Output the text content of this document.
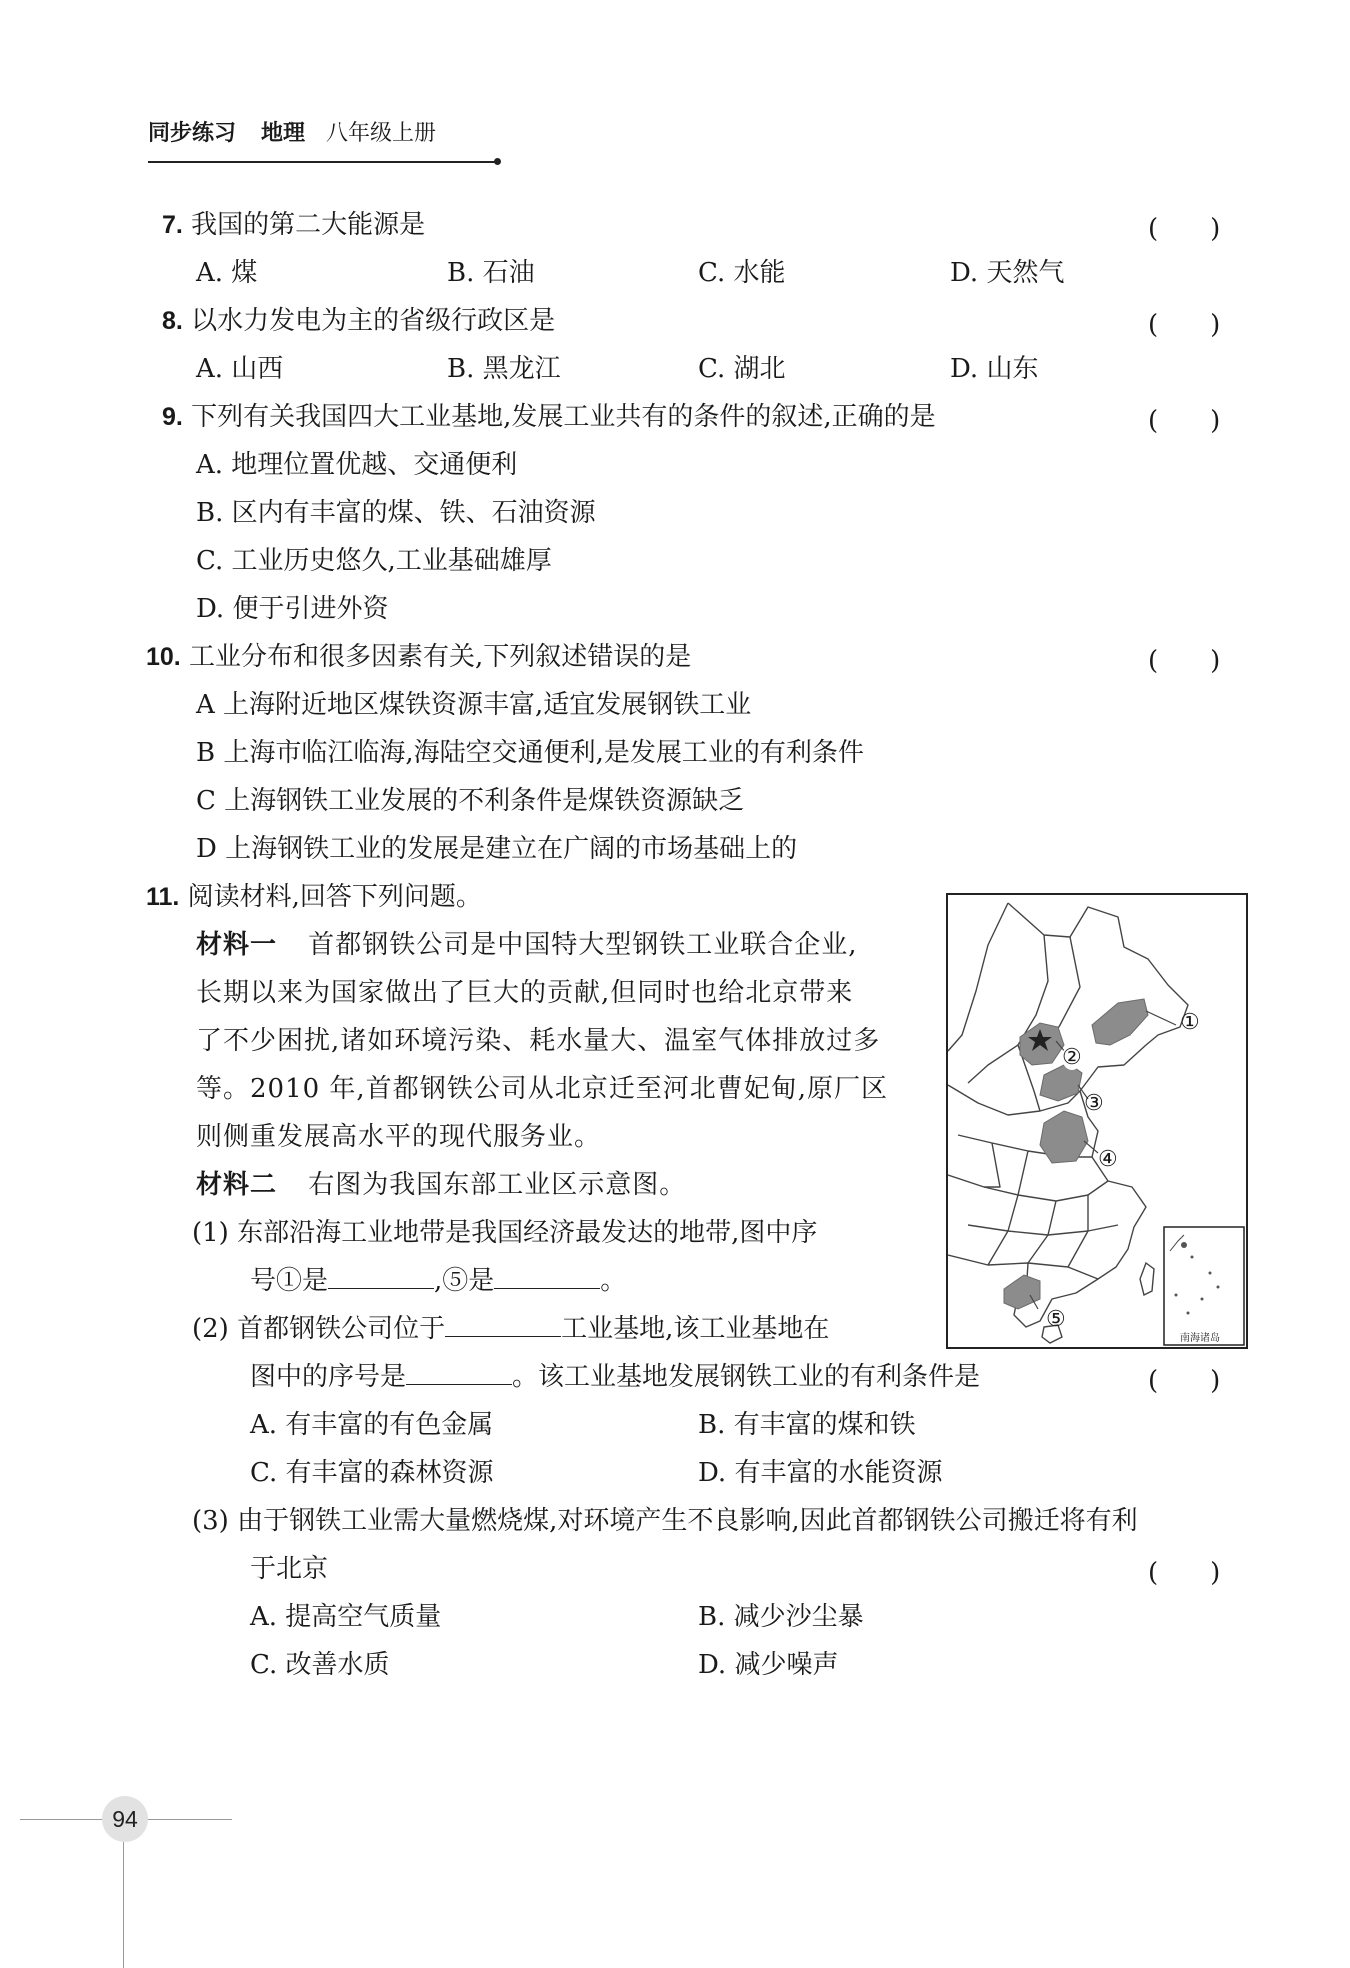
同步练习 地理 八年级上册
7. 我国的第二大能源是	(　　)
A. 煤	B. 石油	C. 水能	D. 天然气
8. 以水力发电为主的省级行政区是	(　　)
A. 山西	B. 黑龙江	C. 湖北	D. 山东
9. 下列有关我国四大工业基地,发展工业共有的条件的叙述,正确的是	(　　)
A. 地理位置优越、交通便利
B. 区内有丰富的煤、铁、石油资源
C. 工业历史悠久,工业基础雄厚
D. 便于引进外资
10. 工业分布和很多因素有关,下列叙述错误的是	(　　)
A 上海附近地区煤铁资源丰富,适宜发展钢铁工业
B 上海市临江临海,海陆空交通便利,是发展工业的有利条件
C 上海钢铁工业发展的不利条件是煤铁资源缺乏
D 上海钢铁工业的发展是建立在广阔的市场基础上的
11. 阅读材料,回答下列问题。
材料一 首都钢铁公司是中国特大型钢铁工业联合企业,
长期以来为国家做出了巨大的贡献,但同时也给北京带来
了不少困扰,诸如环境污染、耗水量大、温室气体排放过多
等。2010 年,首都钢铁公司从北京迁至河北曹妃甸,原厂区
则侧重发展高水平的现代服务业。
材料二 右图为我国东部工业区示意图。
(1) 东部沿海工业地带是我国经济最发达的地带,图中序
号①是	,⑤是	。
(2) 首都钢铁公司位于	工业基地,该工业基地在
图中的序号是	。该工业基地发展钢铁工业的有利条件是	(　　)
A. 有丰富的有色金属	B. 有丰富的煤和铁
C. 有丰富的森林资源	D. 有丰富的水能资源
(3) 由于钢铁工业需大量燃烧煤,对环境产生不良影响,因此首都钢铁公司搬迁将有利
于北京	(　　)
A. 提高空气质量	B. 减少沙尘暴
C. 改善水质	D. 减少噪声
①
②
③
④
⑤
南海诸岛
94
